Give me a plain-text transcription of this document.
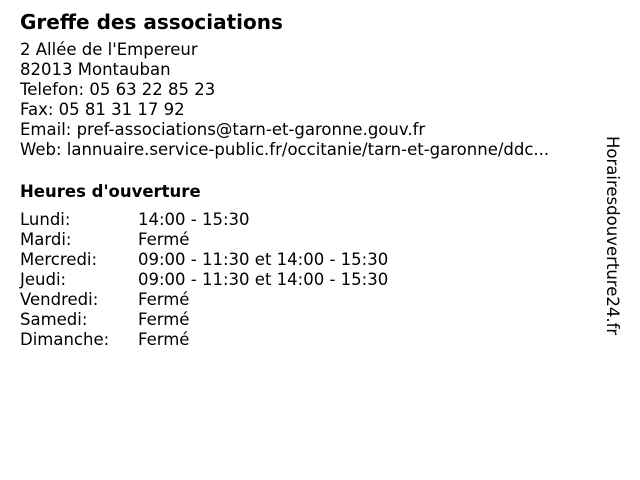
Greffe des associations
2 Allée de l'Empereur
82013 Montauban
Telefon: 05 63 22 85 23
Fax: 05 81 31 17 92
Email: pref-associations@tarn-et-garonne.gouv.fr
Web: lannuaire.service-public.fr/occitanie/tarn-et-garonne/ddc...
Heures d'ouverture
Lundi:	14:00 - 15:30
Mardi:	Fermé
Mercredi:	09:00 - 11:30 et 14:00 - 15:30
Jeudi:	09:00 - 11:30 et 14:00 - 15:30
Vendredi:	Fermé
Samedi:	Fermé
Dimanche:	Fermé
Horairesdouverture24.fr
